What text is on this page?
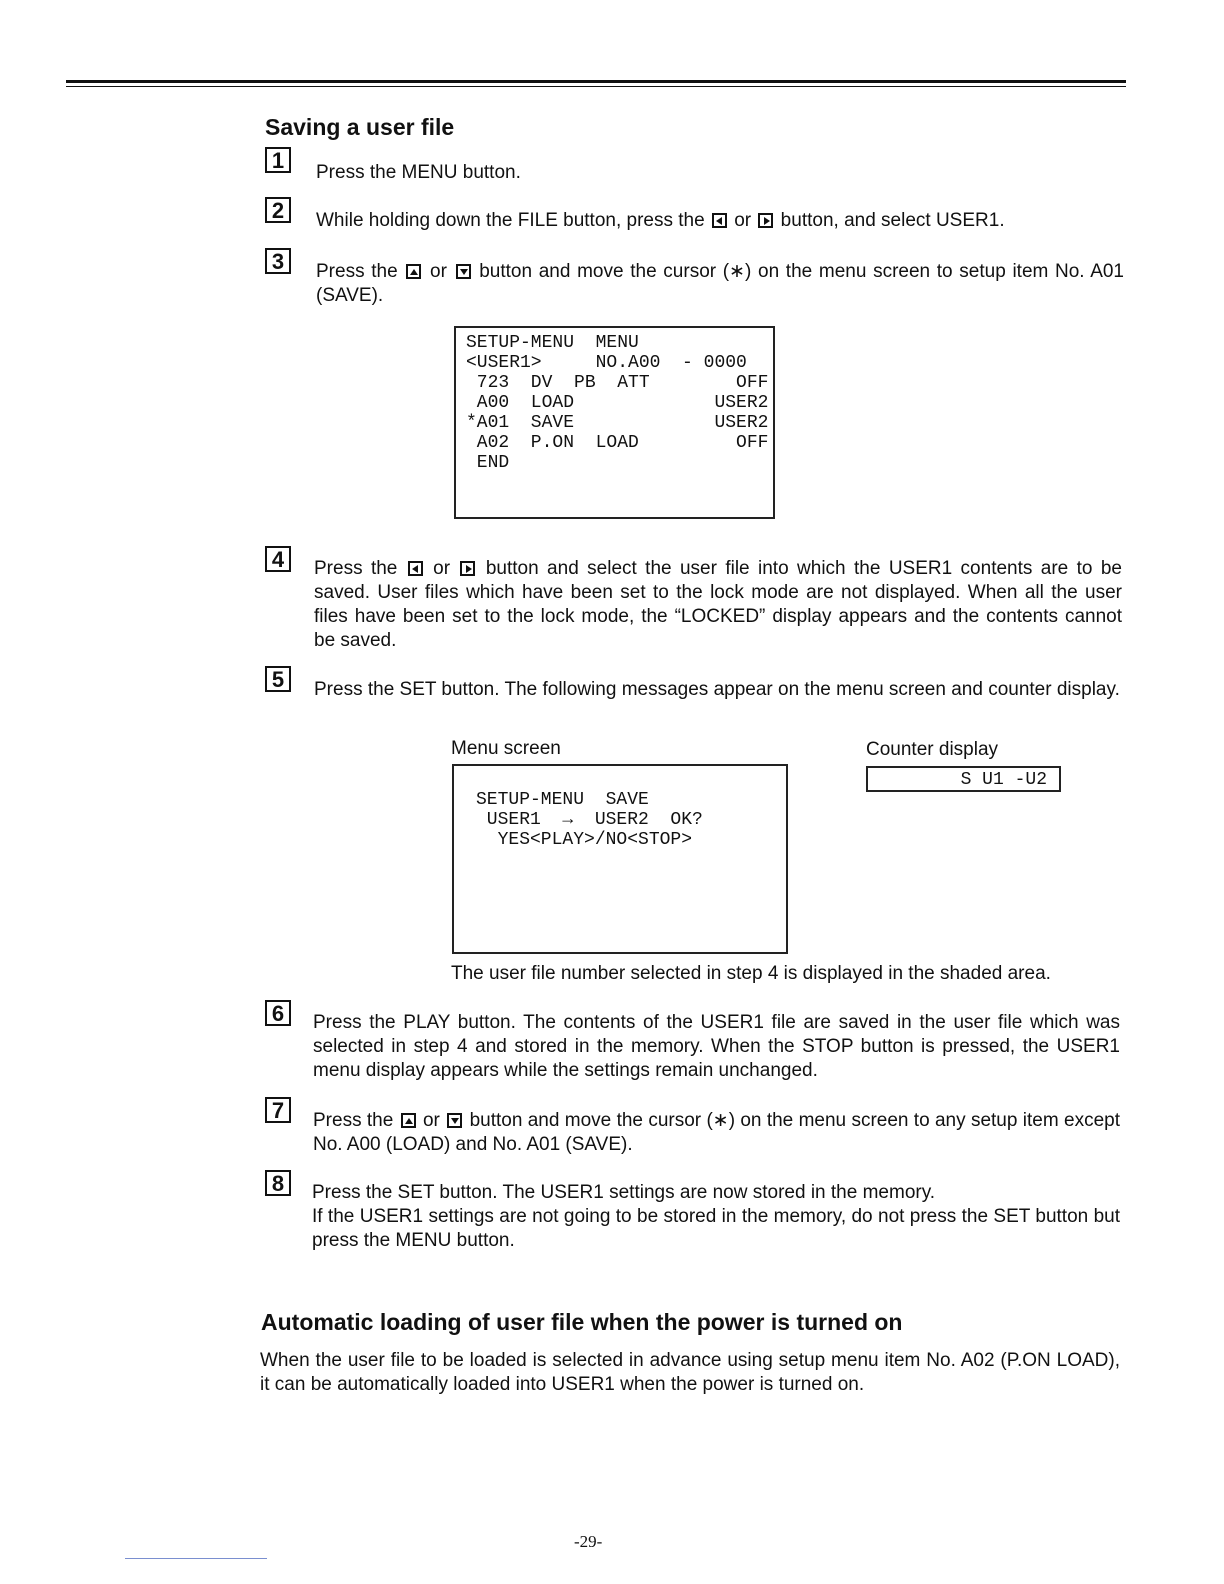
Saving a user file
1	Press the MENU button.

2	While holding down the FILE button, press the  or  button, and select USER1.

3	Press the  or  button and move the cursor (∗) on the menu screen to setup item No. A01 (SAVE).

SETUP-MENU  MENU
<USER1>     NO.A00  - 0000
723  DV  PB  ATT        OFF
A00  LOAD             USER2
*A01  SAVE             USER2
A02  P.ON  LOAD         OFF
END
4	Press the  or  button and select the user file into which the USER1 contents are to be saved. User files which have been set to the lock mode are not displayed. When all the user files have been set to the lock mode, the “LOCKED” display appears and the contents cannot be saved.

5	Press the SET button. The following messages appear on the menu screen and counter display.

Menu screen	Counter display

SETUP-MENU  SAVE
USER1  →  USER2  OK?
YES<PLAY>/NO<STOP>
S U1 -U2

The user file number selected in step 4 is displayed in the shaded area.

6	Press the PLAY button. The contents of the USER1 file are saved in the user file which was selected in step 4 and stored in the memory. When the STOP button is pressed, the USER1 menu display appears while the settings remain unchanged.

7	Press the  or  button and move the cursor (∗) on the menu screen to any setup item except No. A00 (LOAD) and No. A01 (SAVE).

8	Press the SET button. The USER1 settings are now stored in the memory.
If the USER1 settings are not going to be stored in the memory, do not press the SET button but press the MENU button.

Automatic loading of user file when the power is turned on

When the user file to be loaded is selected in advance using setup menu item No. A02 (P.ON LOAD), it can be automatically loaded into USER1 when the power is turned on.

-29-
